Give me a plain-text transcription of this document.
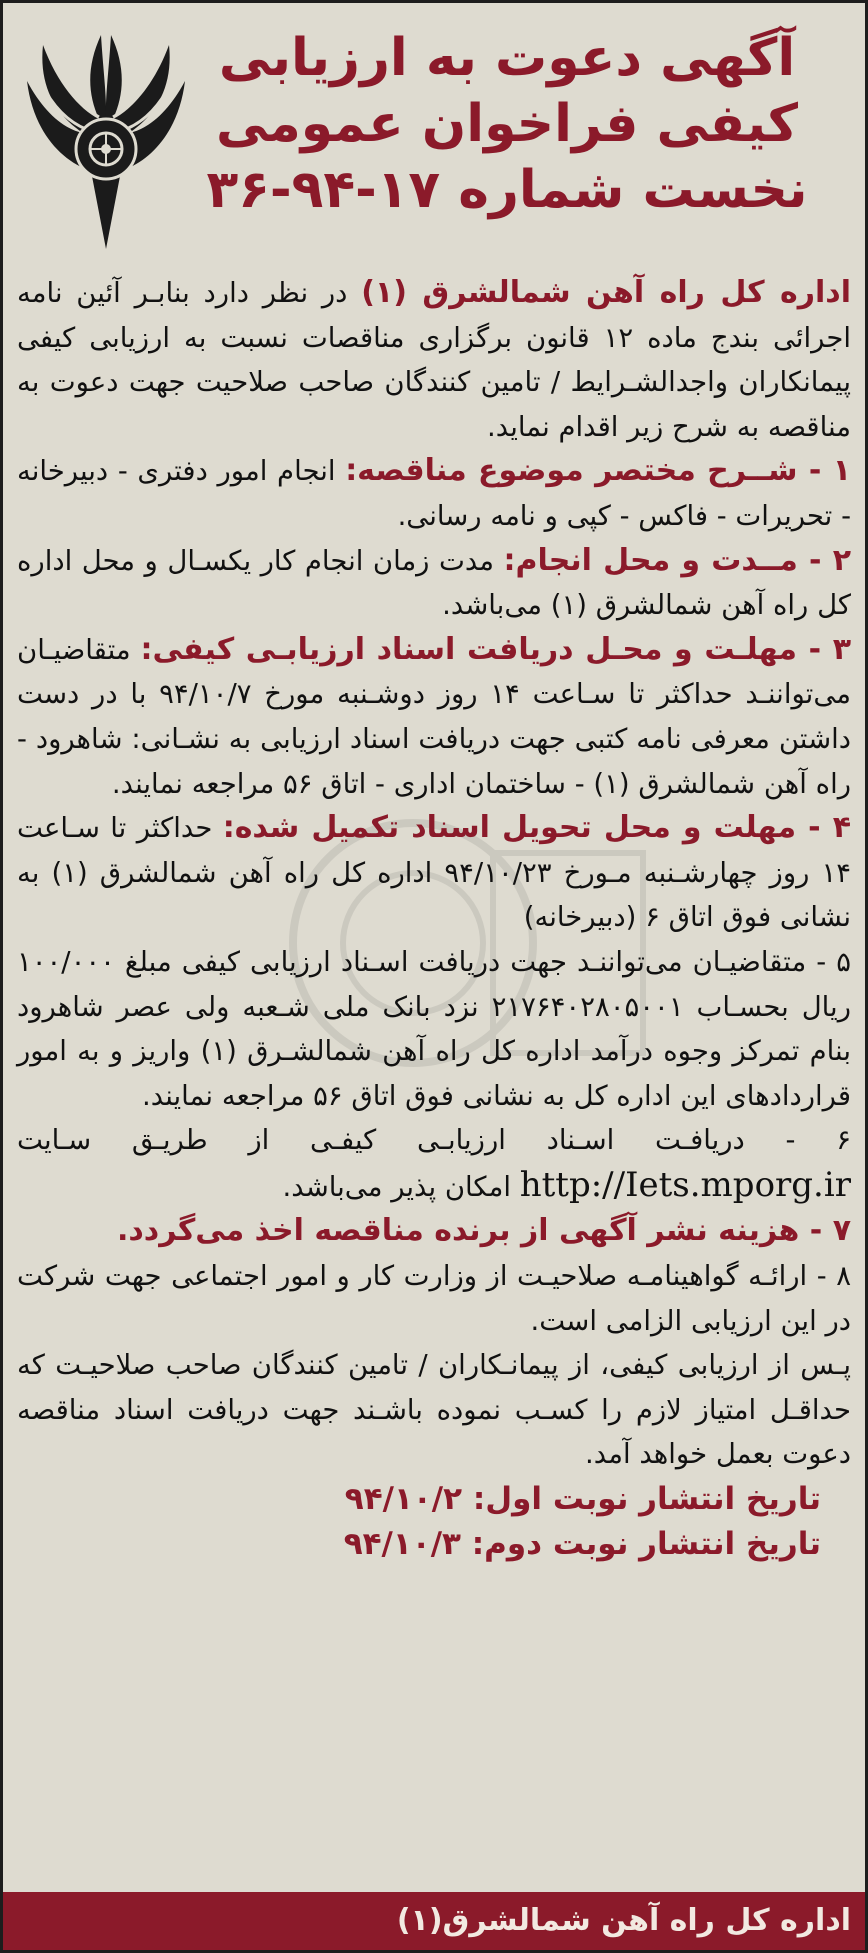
آگهی دعوت به ارزیابی
کیفی فراخوان عمومی
نخست شماره ۱۷-۹۴-۳۶

اداره کل راه آهن شمالشرق (۱) در نظر دارد بنابـر آئین نامه اجرائی بندج ماده ۱۲ قانون برگزاری مناقصات نسبت به ارزیابی کیفی پیمانکاران واجدالشـرایط / تامین کنندگان صاحب صلاحیت جهت دعوت به مناقصه به شرح زیر اقدام نماید.

۱ - شــرح مختصر موضوع مناقصه: انجام امور دفتری - دبیرخانه - تحریرات - فاکس - کپی و نامه رسانی.

۲ - مــدت و محل انجام: مدت زمان انجام کار یکسـال و محل اداره کل راه آهن شمالشرق (۱) می‌باشد.

۳ - مهلـت و محـل دریافت اسناد ارزیابـی کیفی: متقاضیـان می‌تواننـد حداکثر تا سـاعت ۱۴ روز دوشـنبه مورخ ۹۴/۱۰/۷ با در دست داشتن معرفی نامه کتبی جهت دریافت اسناد ارزیابی به نشـانی: شاهرود - راه آهن شمالشرق (۱) - ساختمان اداری - اتاق ۵۶ مراجعه نمایند.

۴ - مهلت و محل تحویل اسناد تکمیل شده: حداکثر تا سـاعت ۱۴ روز چهارشـنبه مـورخ ۹۴/۱۰/۲۳ اداره کل راه آهن شمالشرق (۱) به نشانی فوق اتاق ۶ (دبیرخانه)

۵ - متقاضیـان می‌تواننـد جهت دریافت اسـناد ارزیابی کیفی مبلغ ۱۰۰/۰۰۰ ریال بحسـاب ۲۱۷۶۴۰۲۸۰۵۰۰۱ نزد بانک ملی شـعبه ولی عصر شاهرود بنام تمرکز وجوه درآمد اداره کل راه آهن شمالشـرق (۱) واریز و به امور قراردادهای این اداره کل به نشانی فوق اتاق ۵۶ مراجعه نمایند.

۶ - دریافـت اسـناد ارزیابـی کیفـی از طریـق سـایت http://Iets.mporg.ir امکان پذیر می‌باشد.

۷ - هزینه نشر آگهی از برنده مناقصه اخذ می‌گردد.

۸ - ارائـه گواهینامـه صلاحیـت از وزارت کار و امور اجتماعی جهت شرکت در این ارزیابی الزامی است.

پـس از ارزیابی کیفی، از پیمانـکاران / تامین کنندگان صاحب صلاحیـت که حداقـل امتیاز لازم را کسـب نموده باشـند جهت دریافت اسناد مناقصه دعوت بعمل خواهد آمد.

تاریخ انتشار نوبت اول: ۹۴/۱۰/۲

تاریخ انتشار نوبت دوم: ۹۴/۱۰/۳

اداره کل راه آهن شمالشرق(۱)
